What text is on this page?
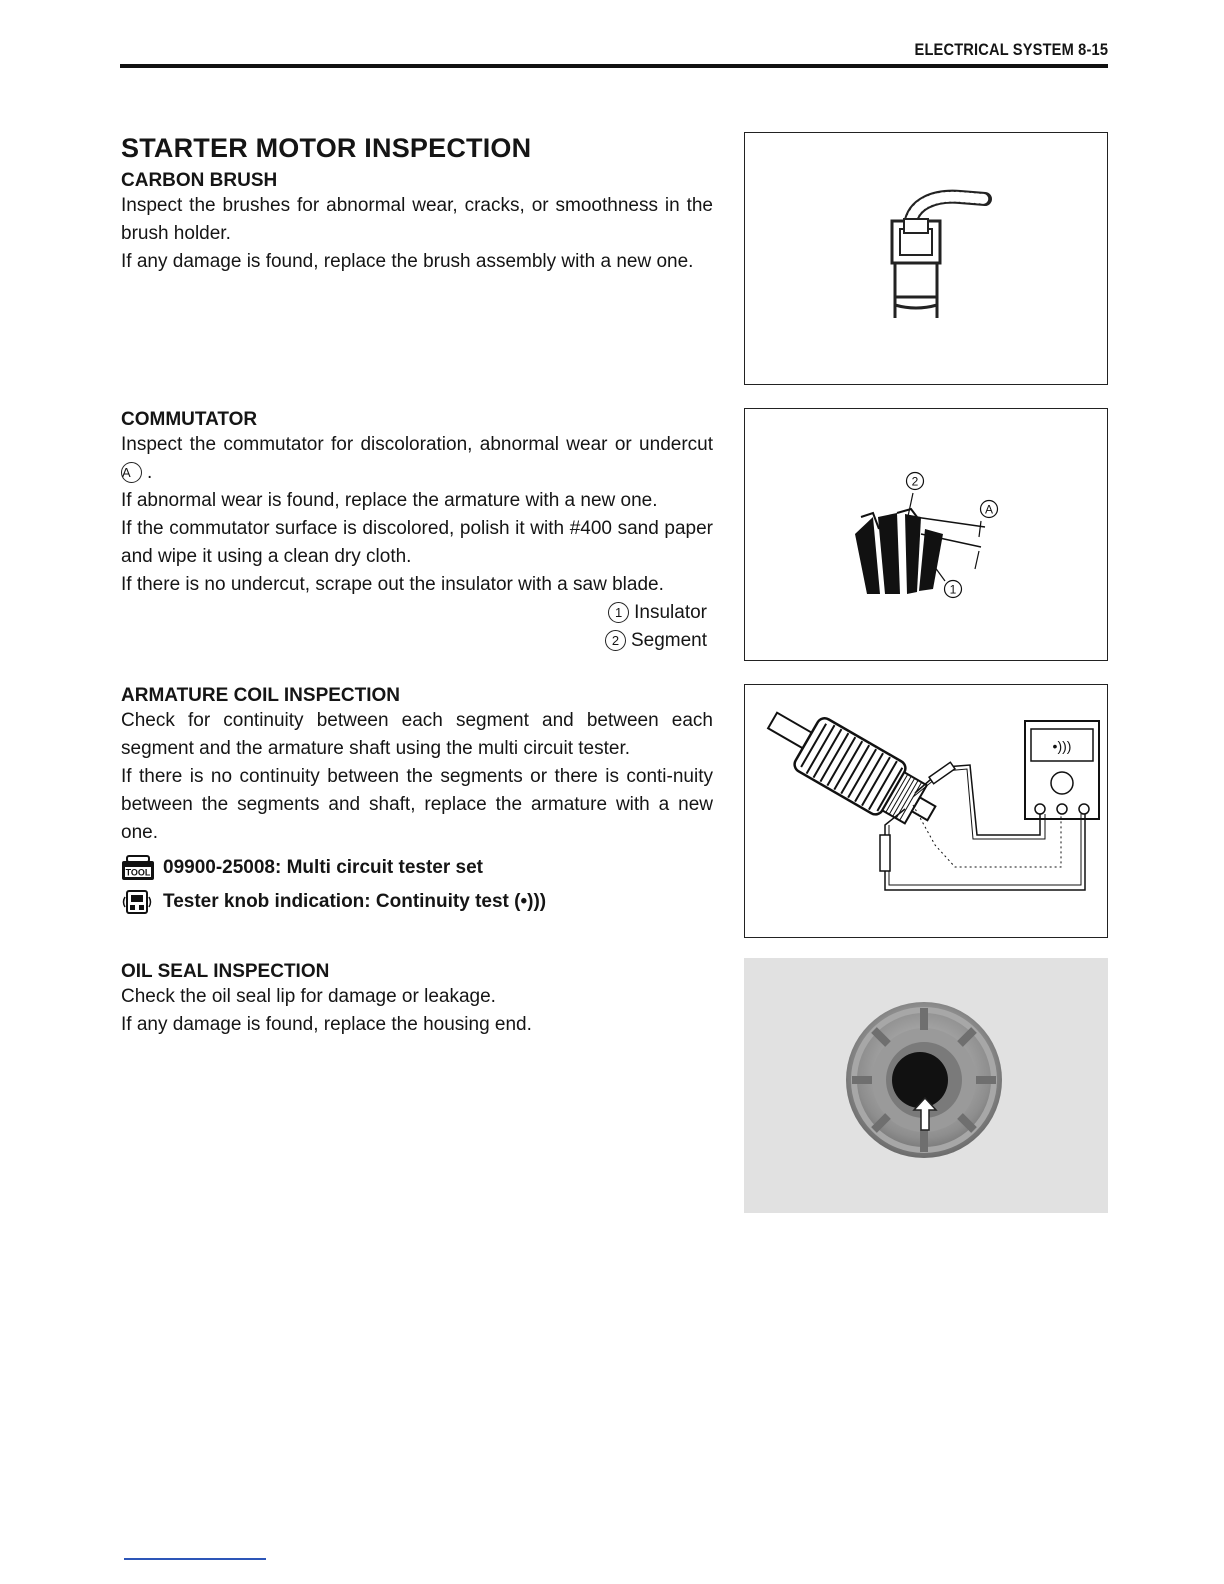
ELECTRICAL SYSTEM 8-15
STARTER MOTOR INSPECTION
CARBON BRUSH

Inspect the brushes for abnormal wear, cracks, or smoothness in the brush holder.

If any damage is found, replace the brush assembly with a new one.

COMMUTATOR

Inspect the commutator for discoloration, abnormal wear or undercut A .

If abnormal wear is found, replace the armature with a new one.

If the commutator surface is discolored, polish it with #400 sand paper and wipe it using a clean dry cloth.

If there is no undercut, scrape out the insulator with a saw blade.

1 Insulator
2 Segment
ARMATURE COIL INSPECTION

Check for continuity between each segment and between each segment and the armature shaft using the multi circuit tester.

If there is no continuity between the segments or there is conti-nuity between the segments and shaft, replace the armature with a new one.

TOOL 09900-25008: Multi circuit tester set
Tester knob indication: Continuity test (•)))
OIL SEAL INSPECTION

Check the oil seal lip for damage or leakage.

If any damage is found, replace the housing end.

2
A
1
•)))
